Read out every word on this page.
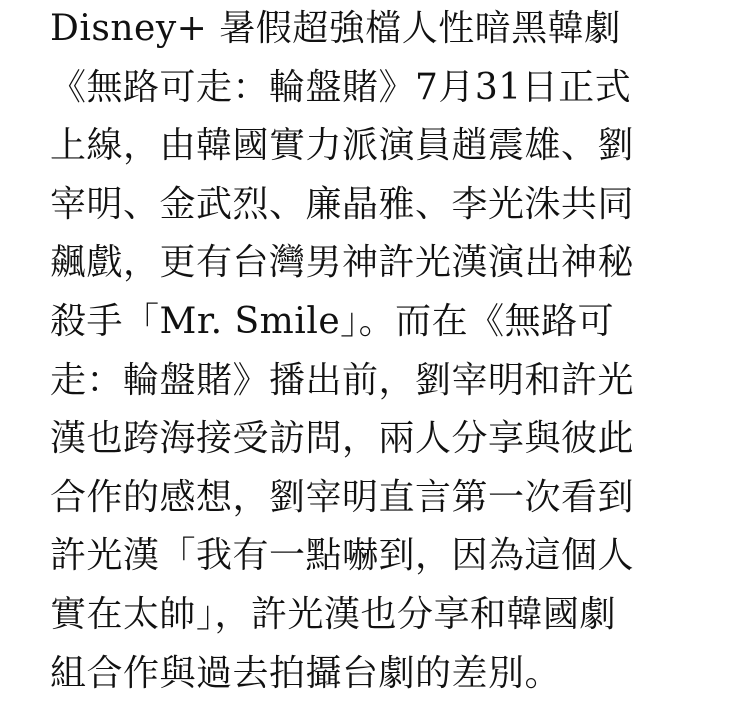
Disney+ 暑假超強檔人性暗黑韓劇
《無路可走：輪盤賭》7月31日正式
上線，由韓國實力派演員趙震雄、劉
宰明、金武烈、廉晶雅、李光洙共同
飆戲，更有台灣男神許光漢演出神秘
殺手「Mr. Smile」。而在《無路可
走：輪盤賭》播出前，劉宰明和許光
漢也跨海接受訪問，兩人分享與彼此
合作的感想，劉宰明直言第一次看到
許光漢「我有一點嚇到，因為這個人
實在太帥」，許光漢也分享和韓國劇
組合作與過去拍攝台劇的差別。
